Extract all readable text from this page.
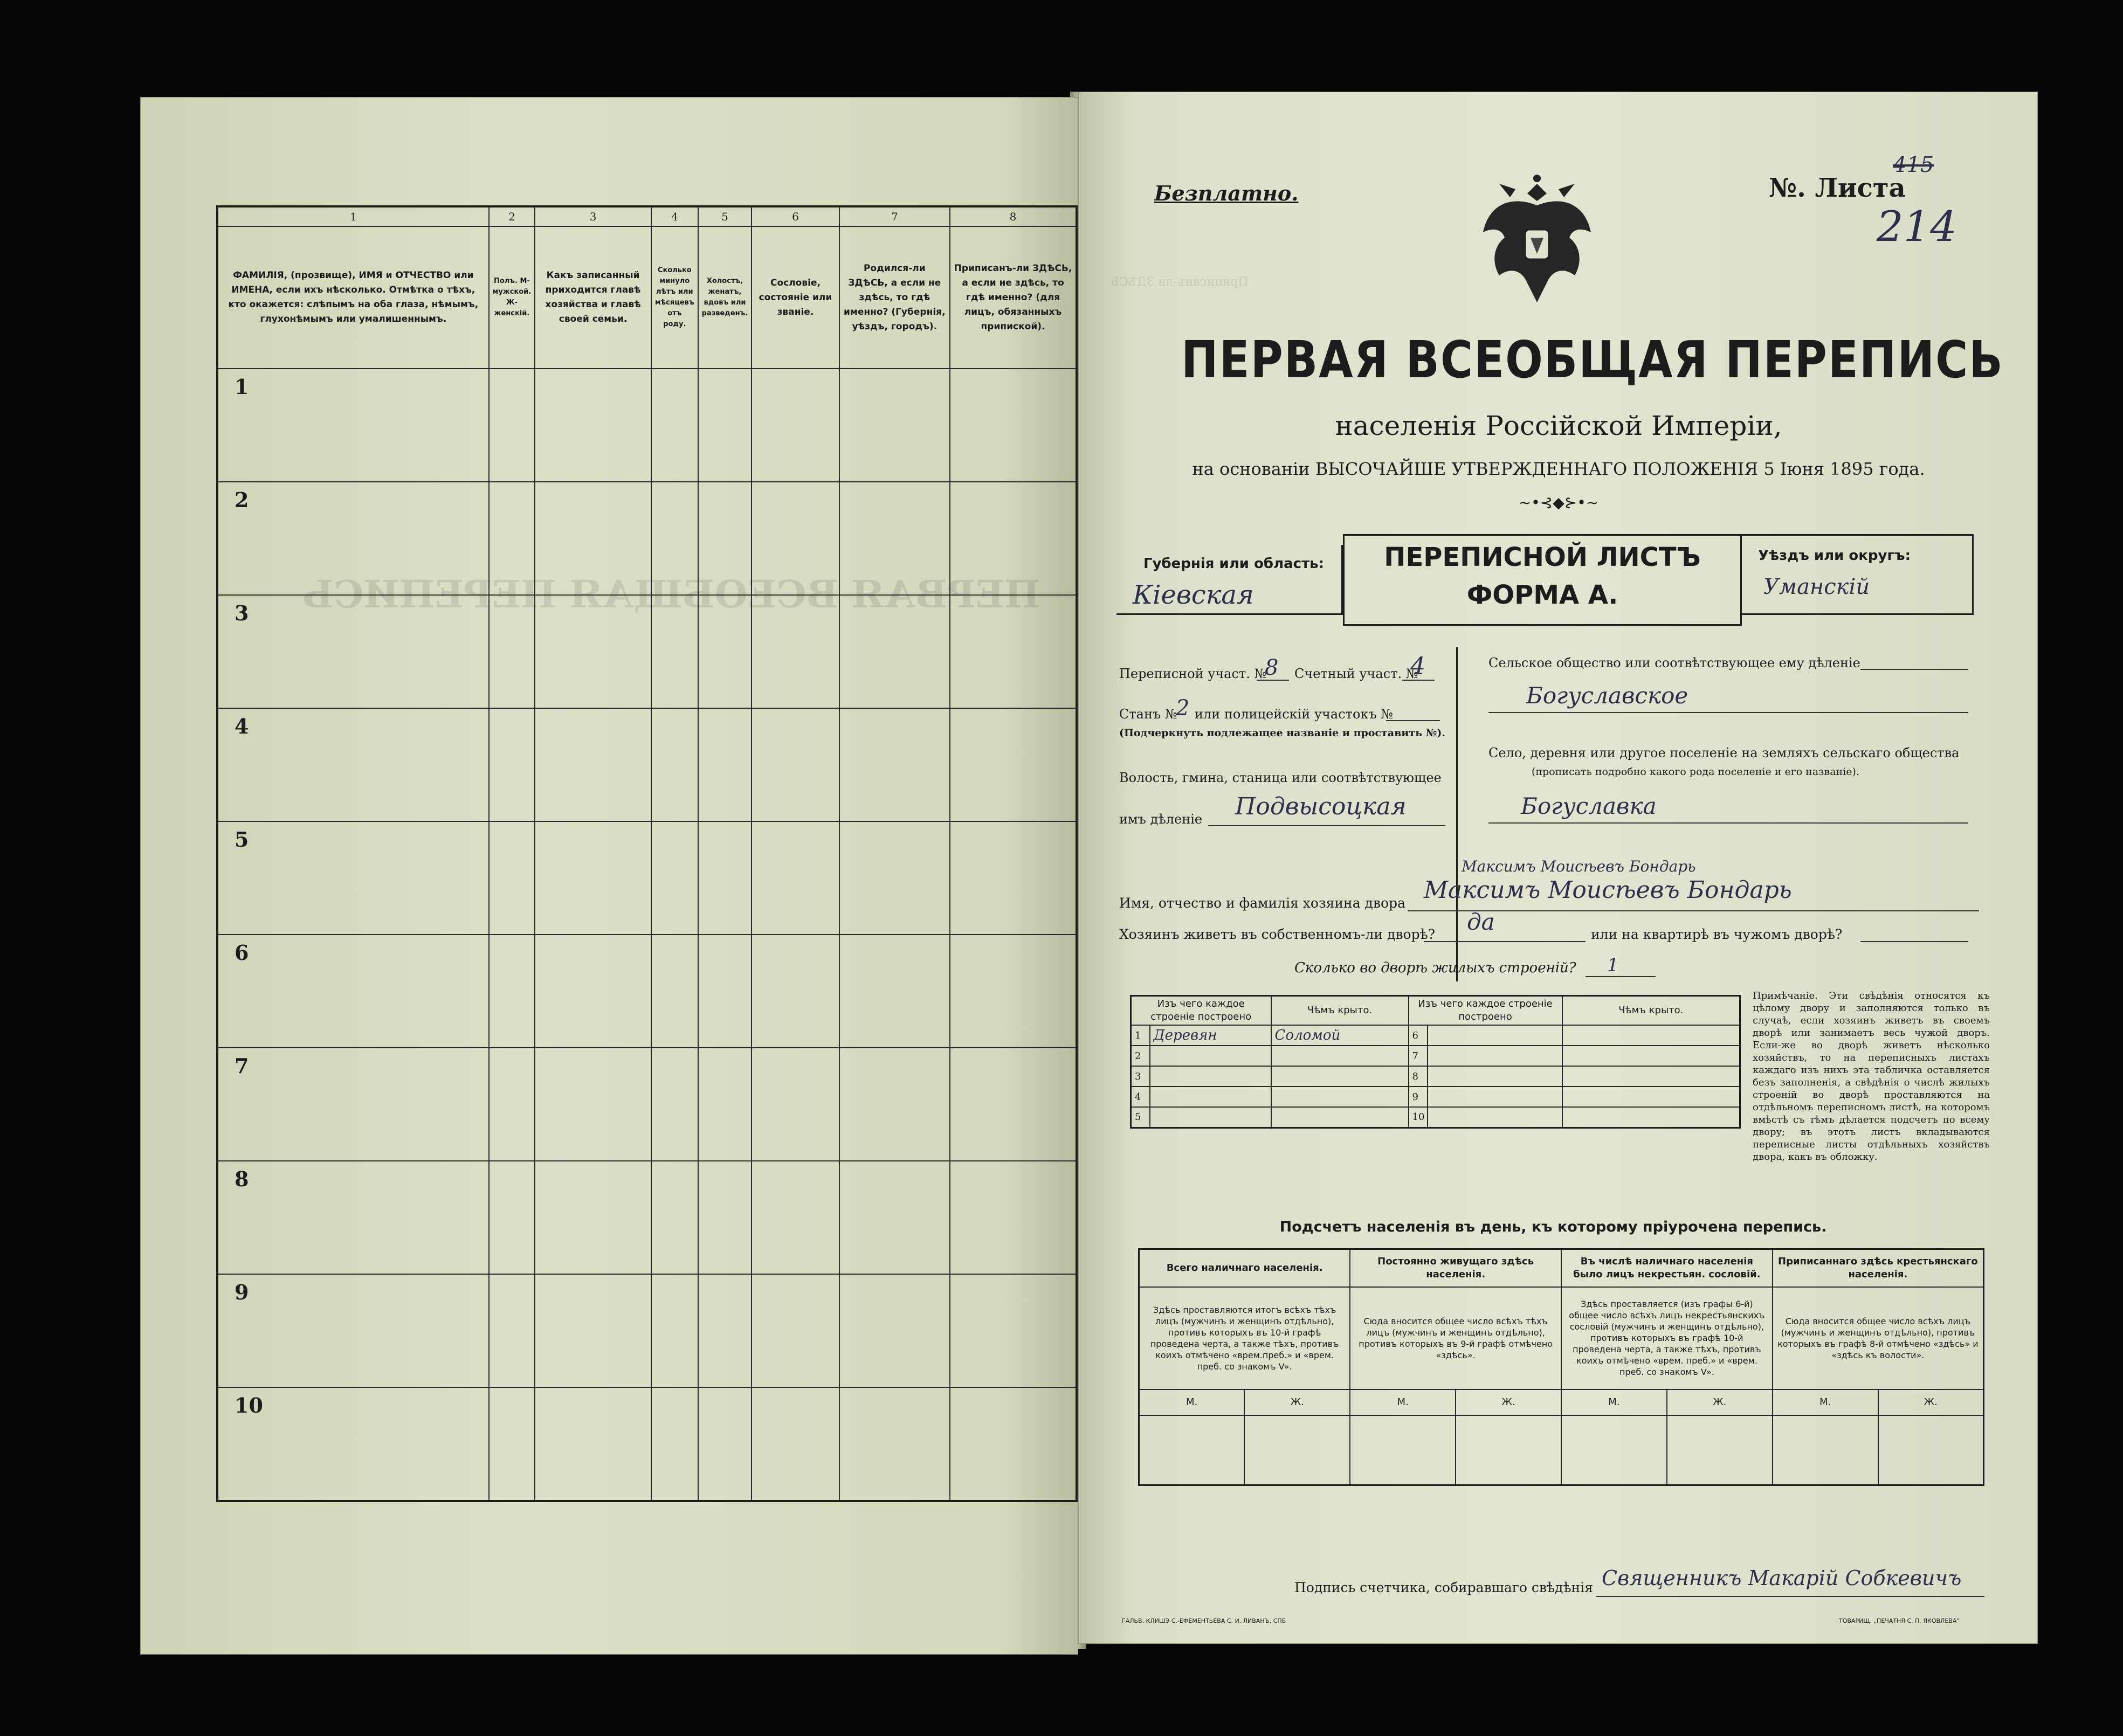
ПЕРВАЯ ВСЕОБЩАЯ ПЕРЕПИСЬ
1	2	3	4	5	6	7	8
ФАМИЛІЯ, (прозвище), ИМЯ и ОТЧЕСТВО или ИМЕНА, если ихъ нѣсколько. Отмѣтка о тѣхъ, кто окажется: слѣпымъ на оба глаза, нѣмымъ, глухонѣмымъ или умалишеннымъ.	Полъ. М-мужской. Ж-женскій.	Какъ записанный приходится главѣ хозяйства и главѣ своей семьи.	Сколько минуло лѣтъ или мѣсяцевъ отъ роду.	Холостъ, женатъ, вдовъ или разведенъ.	Сословіе, состояніе или званіе.	Родился-ли ЗДѢСЬ, а если не здѣсь, то гдѣ именно? (Губернія, уѣздъ, городъ).	Приписанъ-ли ЗДѢСЬ, а если не здѣсь, то гдѣ именно? (для лицъ, обязанныхъ припиской).
1							
2							
3							
4							
5							
6							
7							
8							
9							
10							
Приписанъ-ли ЗДѢСЬ
Безплатно.	№. Листа
415
214
ПЕРВАЯ ВСЕОБЩАЯ ПЕРЕПИСЬ
населенія Россійской Имперіи,
на основаніи ВЫСОЧАЙШЕ УТВЕРЖДЕННАГО ПОЛОЖЕНІЯ 5 Іюня 1895 года.
~•⊰◆⊱•~
Губернія или область:
Кіевская
ПЕРЕПИСНОЙ ЛИСТЪ
ФОРМА А.
Уѣздъ или округъ:
Уманскій
Переписной участ. №
8 Счетный участ. №
4
Станъ №
2 или полицейскій участокъ №
(Подчеркнуть подлежащее названіе и проставить №).
Волость, гмина, станица или соотвѣтствующее
имъ дѣленіе Подвысоцкая
Сельское общество или соотвѣтствующее ему дѣленіе
Богуславское
Село, деревня или другое поселеніе на земляхъ сельскаго общества
(прописать подробно какого рода поселеніе и его названіе).
Богуславка
Максимъ Моисѣевъ Бондарь
Имя, отчество и фамилія хозяина двора Максимъ Моисѣевъ Бондарь
Хозяинъ живетъ въ собственномъ-ли дворѣ? да	или на квартирѣ въ чужомъ дворѣ?
Сколько во дворѣ жилыхъ строеній? 1
Изъ чего каждое строеніе построено		Чѣмъ крыто.	Изъ чего каждое строеніе построено		Чѣмъ крыто.
1	Деревян	Соломой	6		
2			7		
3			8		
4			9		
5			10		
Примѣчаніе. Эти свѣдѣнія относятся къ цѣлому двору и заполняются только въ случаѣ, если хозяинъ живетъ въ своемъ дворѣ или занимаетъ весь чужой дворъ. Если-же во дворѣ живетъ нѣсколько хозяйствъ, то на переписныхъ листахъ каждаго изъ нихъ эта табличка оставляется безъ заполненія, а свѣдѣнія о числѣ жилыхъ строеній во дворѣ проставляются на отдѣльномъ переписномъ листѣ, на которомъ вмѣстѣ съ тѣмъ дѣлается подсчетъ по всему двору; въ этотъ листъ вкладываются переписные листы отдѣльныхъ хозяйствъ двора, какъ въ обложку.
Подсчетъ населенія въ день, къ которому пріурочена перепись.
Всего наличнаго населенія.		Постоянно живущаго здѣсь населенія.		Въ числѣ наличнаго населенія было лицъ некрестьян. сословій.		Приписаннаго здѣсь крестьянскаго населенія.	
Здѣсь проставляются итогъ всѣхъ тѣхъ лицъ (мужчинъ и женщинъ отдѣльно), противъ которыхъ въ 10-й графѣ проведена черта, а также тѣхъ, противъ коихъ отмѣчено «врем.преб.» и «врем. преб. со знакомъ V».		Сюда вносится общее число всѣхъ тѣхъ лицъ (мужчинъ и женщинъ отдѣльно), противъ которыхъ въ 9-й графѣ отмѣчено «здѣсь».		Здѣсь проставляется (изъ графы 6-й) общее число всѣхъ лицъ некрестьянскихъ сословій (мужчинъ и женщинъ отдѣльно), противъ которыхъ въ графѣ 10-й проведена черта, а также тѣхъ, противъ коихъ отмѣчено «врем. преб.» и «врем. преб. со знакомъ V».		Сюда вносится общее число всѣхъ лицъ (мужчинъ и женщинъ отдѣльно), противъ которыхъ въ графѣ 8-й отмѣчено «здѣсь» и «здѣсь къ волости».	
М.	Ж.	М.	Ж.	М.	Ж.	М.	Ж.

Подпись счетчика, собиравшаго свѣдѣнія Священникъ Макарій Собкевичъ
ГАЛЬВ. КЛИШЭ С.-ЕФЕМЕНТЬЕВА С. И. ЛИВАНЪ, СПБ	ТОВАРИЩ. „ПЕЧАТНЯ С. П. ЯКОВЛЕВА"
